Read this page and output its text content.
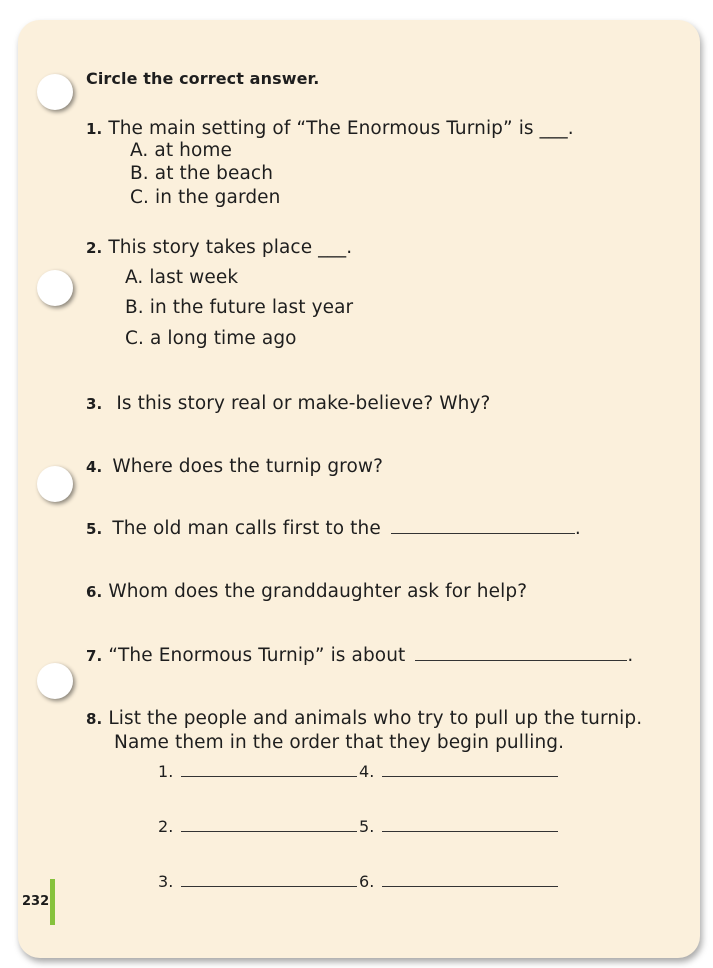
Circle the correct answer.
1. The main setting of “The Enormous Turnip” is ___.
A. at home
B. at the beach
C. in the garden
2. This story takes place ___.
A. last week
B. in the future last year
C. a long time ago
3. Is this story real or make-believe? Why?
4. Where does the turnip grow?
5. The old man calls first to the	.
6. Whom does the granddaughter ask for help?
7. “The Enormous Turnip” is about	.
8. List the people and animals who try to pull up the turnip.
Name them in the order that they begin pulling.
1.	4.
2.	5.
3.	6.
232
